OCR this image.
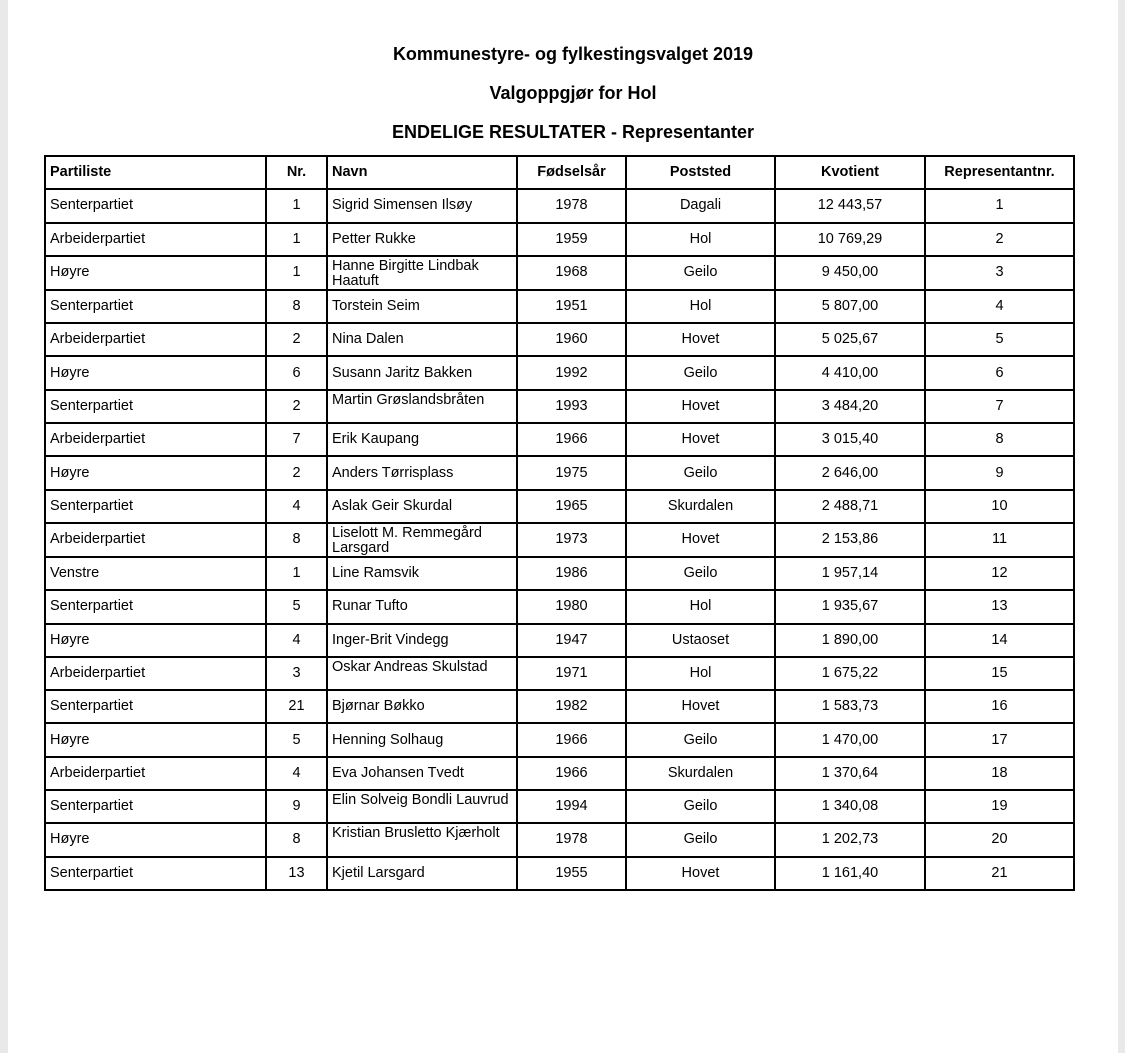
Kommunestyre- og fylkestingsvalget 2019
Valgoppgjør for Hol
ENDELIGE RESULTATER - Representanter
Partiliste	Nr.	Navn	Fødselsår	Poststed	Kvotient	Representantnr.
Senterpartiet	1	Sigrid Simensen Ilsøy	1978	Dagali	12 443,57	1
Arbeiderpartiet	1	Petter Rukke	1959	Hol	10 769,29	2
Høyre	1	Hanne Birgitte Lindbak Haatuft	1968	Geilo	9 450,00	3
Senterpartiet	8	Torstein Seim	1951	Hol	5 807,00	4
Arbeiderpartiet	2	Nina Dalen	1960	Hovet	5 025,67	5
Høyre	6	Susann Jaritz Bakken	1992	Geilo	4 410,00	6
Senterpartiet	2	Martin Grøslandsbråten	1993	Hovet	3 484,20	7
Arbeiderpartiet	7	Erik Kaupang	1966	Hovet	3 015,40	8
Høyre	2	Anders Tørrisplass	1975	Geilo	2 646,00	9
Senterpartiet	4	Aslak Geir Skurdal	1965	Skurdalen	2 488,71	10
Arbeiderpartiet	8	Liselott M. Remmegård Larsgard	1973	Hovet	2 153,86	11
Venstre	1	Line Ramsvik	1986	Geilo	1 957,14	12
Senterpartiet	5	Runar Tufto	1980	Hol	1 935,67	13
Høyre	4	Inger-Brit Vindegg	1947	Ustaoset	1 890,00	14
Arbeiderpartiet	3	Oskar Andreas Skulstad	1971	Hol	1 675,22	15
Senterpartiet	21	Bjørnar Bøkko	1982	Hovet	1 583,73	16
Høyre	5	Henning Solhaug	1966	Geilo	1 470,00	17
Arbeiderpartiet	4	Eva Johansen Tvedt	1966	Skurdalen	1 370,64	18
Senterpartiet	9	Elin Solveig Bondli Lauvrud	1994	Geilo	1 340,08	19
Høyre	8	Kristian Brusletto Kjærholt	1978	Geilo	1 202,73	20
Senterpartiet	13	Kjetil Larsgard	1955	Hovet	1 161,40	21
